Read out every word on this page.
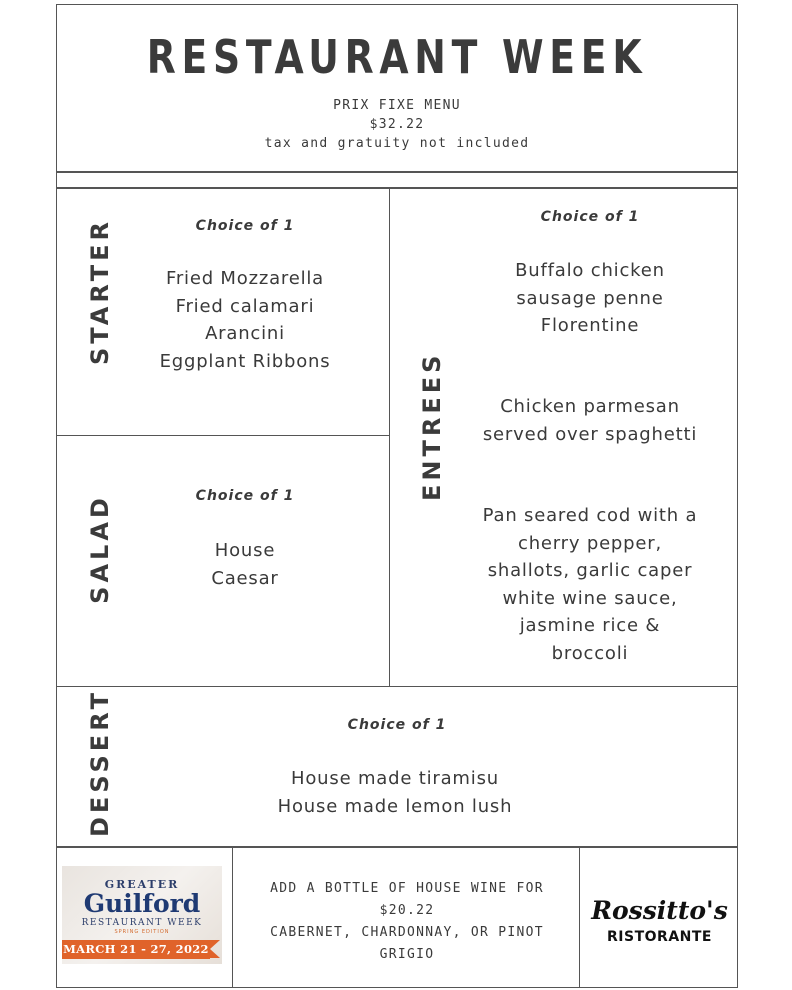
RESTAURANT WEEK
PRIX FIXE MENU
$32.22
tax and gratuity not included
STARTER	Choice of 1
Fried Mozzarella
Fried calamari
Arancini
Eggplant Ribbons
SALAD	Choice of 1
House
Caesar
ENTREES
Choice of 1
Buffalo chicken
sausage penne
Florentine
Chicken parmesan
served over spaghetti
Pan seared cod with a
cherry pepper,
shallots, garlic caper
white wine sauce,
jasmine rice &
broccoli
DESSERT	Choice of 1
House made tiramisu
House made lemon lush
GREATER
Guilford
RESTAURANT WEEK
SPRING EDITION
MARCH 21 - 27, 2022
ADD A BOTTLE OF HOUSE WINE FOR
$20.22
CABERNET, CHARDONNAY, OR PINOT
GRIGIO
Rossitto's
RISTORANTE
